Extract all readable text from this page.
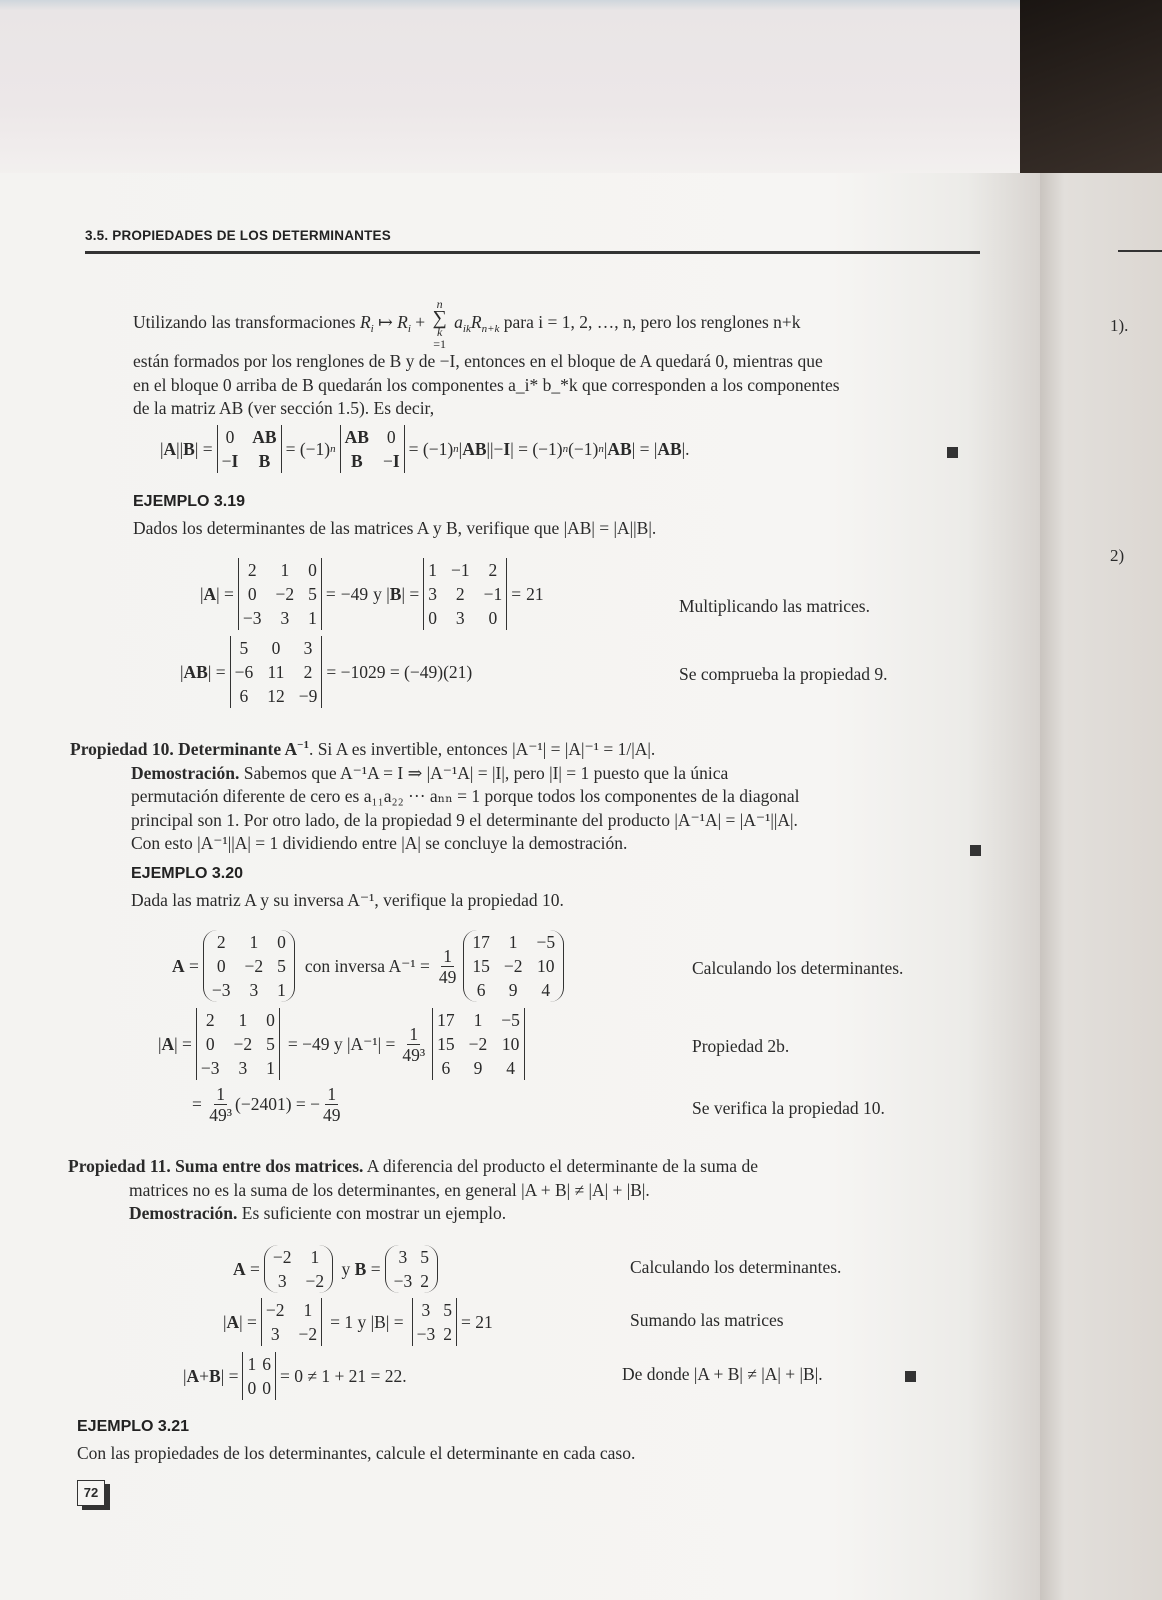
1).
2)
3.5. PROPIEDADES DE LOS DETERMINANTES
Utilizando las transformaciones $R_i$ ↦ $R_i$ +
n
∑
k
=1 $a_{ik}R_{n+k}$ para i = 1, 2, …, n, pero los renglones n+k
están formados por los renglones de B y de −I, entonces en el bloque de A quedará 0, mientras que
en el bloque 0 arriba de B quedarán los componentes a_i* b_*k que corresponden a los componentes
de la matriz AB (ver sección 1.5). Es decir,
| A || B | =
0 AB
−I	B
= (−1) n
AB 0
B	−I
= (−1) n | AB ||− I | = (−1) n (−1) n | AB | = | AB |.
EJEMPLO 3.19
Dados los determinantes de las matrices A y B, verifique que |AB| = |A||B|.
| A | =
2 1 0
0 −2 5
−3 3 1
= −49 y | B | =
1 −1 2
3 2 −1
0 3 0
= 21
Multiplicando las matrices.
| AB | =
5 0 3
−6 11 2
6 12 −9
= −1029 = (−49)(21)	Se comprueba la propiedad 9.
Propiedad 10. Determinante $A^{-1}$. Si A es invertible, entonces |A⁻¹| = |A|⁻¹ = 1/|A|.
Demostración. Sabemos que A⁻¹A = I ⇒ |A⁻¹A| = |I|, pero |I| = 1 puesto que la única
permutación diferente de cero es a₁₁a₂₂ ··· aₙₙ = 1 porque todos los componentes de la diagonal
principal son 1. Por otro lado, de la propiedad 9 el determinante del producto |A⁻¹A| = |A⁻¹||A|.
Con esto |A⁻¹||A| = 1 dividiendo entre |A| se concluye la demostración.
EJEMPLO 3.20
Dada las matriz A y su inversa A⁻¹, verifique la propiedad 10.
A =
2 1 0
0 −2 5
−3 3 1
con inversa $A^{-1} = \frac{1}{49}$
17 1 −5
15 −2 10
6 9 4
Calculando los determinantes.
| A | =
2 1 0
0 −2 5
−3 3 1
= −49 y $|A^{-1}| = \frac{1}{\text{49³}}$
17 1 −5
15 −2 10
6 9 4
Propiedad 2b.
= $\frac{1}{\text{49³}} (-2401)$ = − $\frac{1}{49}$	Se verifica la propiedad 10.
Propiedad 11. Suma entre dos matrices. A diferencia del producto el determinante de la suma de
matrices no es la suma de los determinantes, en general |A + B| ≠ |A| + |B|.
Demostración. Es suficiente con mostrar un ejemplo.
A =
−2 1
3 −2
y B =
3 5
−3 2
Calculando los determinantes.
| A | =
−2 1
3 −2
= 1 y |B| =
3 5
−3 2
= 21	Sumando las matrices
| A + B | =
1 6
0 0
= 0 ≠ 1 + 21 = 22.	De donde |A + B| ≠ |A| + |B|.
EJEMPLO 3.21
Con las propiedades de los determinantes, calcule el determinante en cada caso.
72
